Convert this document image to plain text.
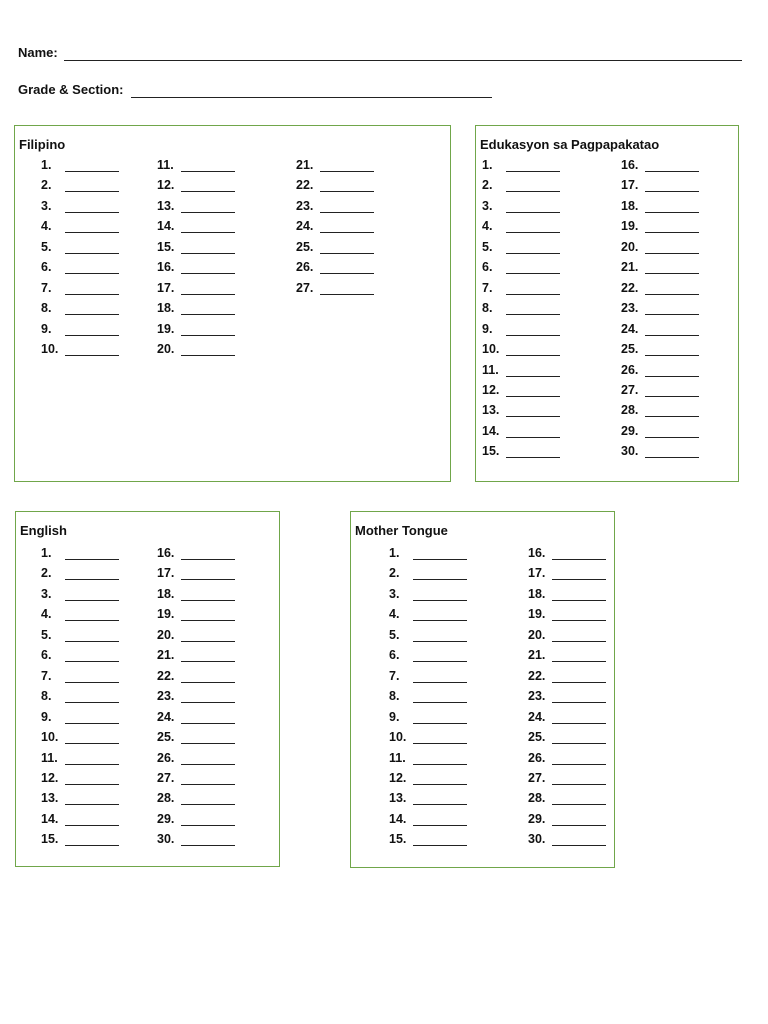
Name:
Grade & Section:
Filipino
1.
2.
3.
4.
5.
6.
7.
8.
9.
10.
11.
12.
13.
14.
15.
16.
17.
18.
19.
20.
21.
22.
23.
24.
25.
26.
27.
Edukasyon sa Pagpapakatao
1.
2.
3.
4.
5.
6.
7.
8.
9.
10.
11.
12.
13.
14.
15.
16.
17.
18.
19.
20.
21.
22.
23.
24.
25.
26.
27.
28.
29.
30.
English
1.
2.
3.
4.
5.
6.
7.
8.
9.
10.
11.
12.
13.
14.
15.
16.
17.
18.
19.
20.
21.
22.
23.
24.
25.
26.
27.
28.
29.
30.
Mother Tongue
1.
2.
3.
4.
5.
6.
7.
8.
9.
10.
11.
12.
13.
14.
15.
16.
17.
18.
19.
20.
21.
22.
23.
24.
25.
26.
27.
28.
29.
30.
